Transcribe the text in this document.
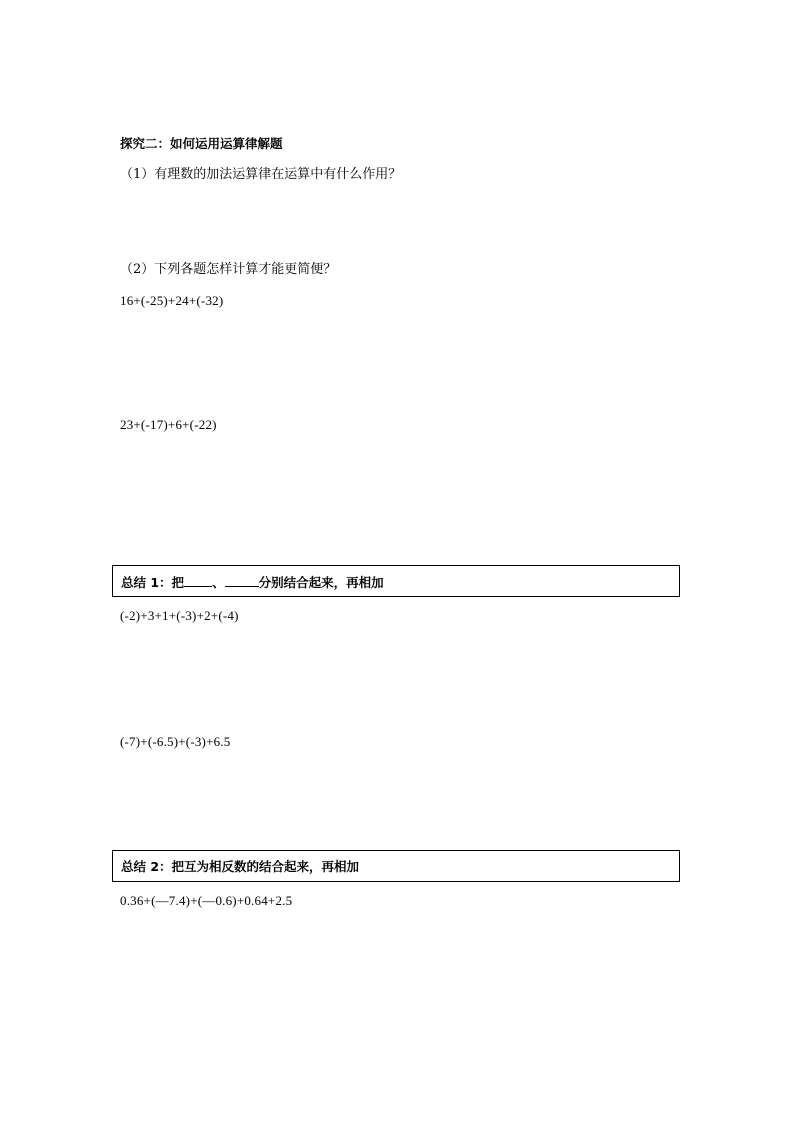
探究二：如何运用运算律解题
（1）有理数的加法运算律在运算中有什么作用？
（2）下列各题怎样计算才能更简便？
16+(-25)+24+(-32)
23+(-17)+6+(-22)
总结 1：把 、	分别结合起来，再相加
(-2)+3+1+(-3)+2+(-4)
(-7)+(-6.5)+(-3)+6.5
总结 2：把互为相反数的结合起来，再相加
0.36+(—7.4)+(—0.6)+0.64+2.5
